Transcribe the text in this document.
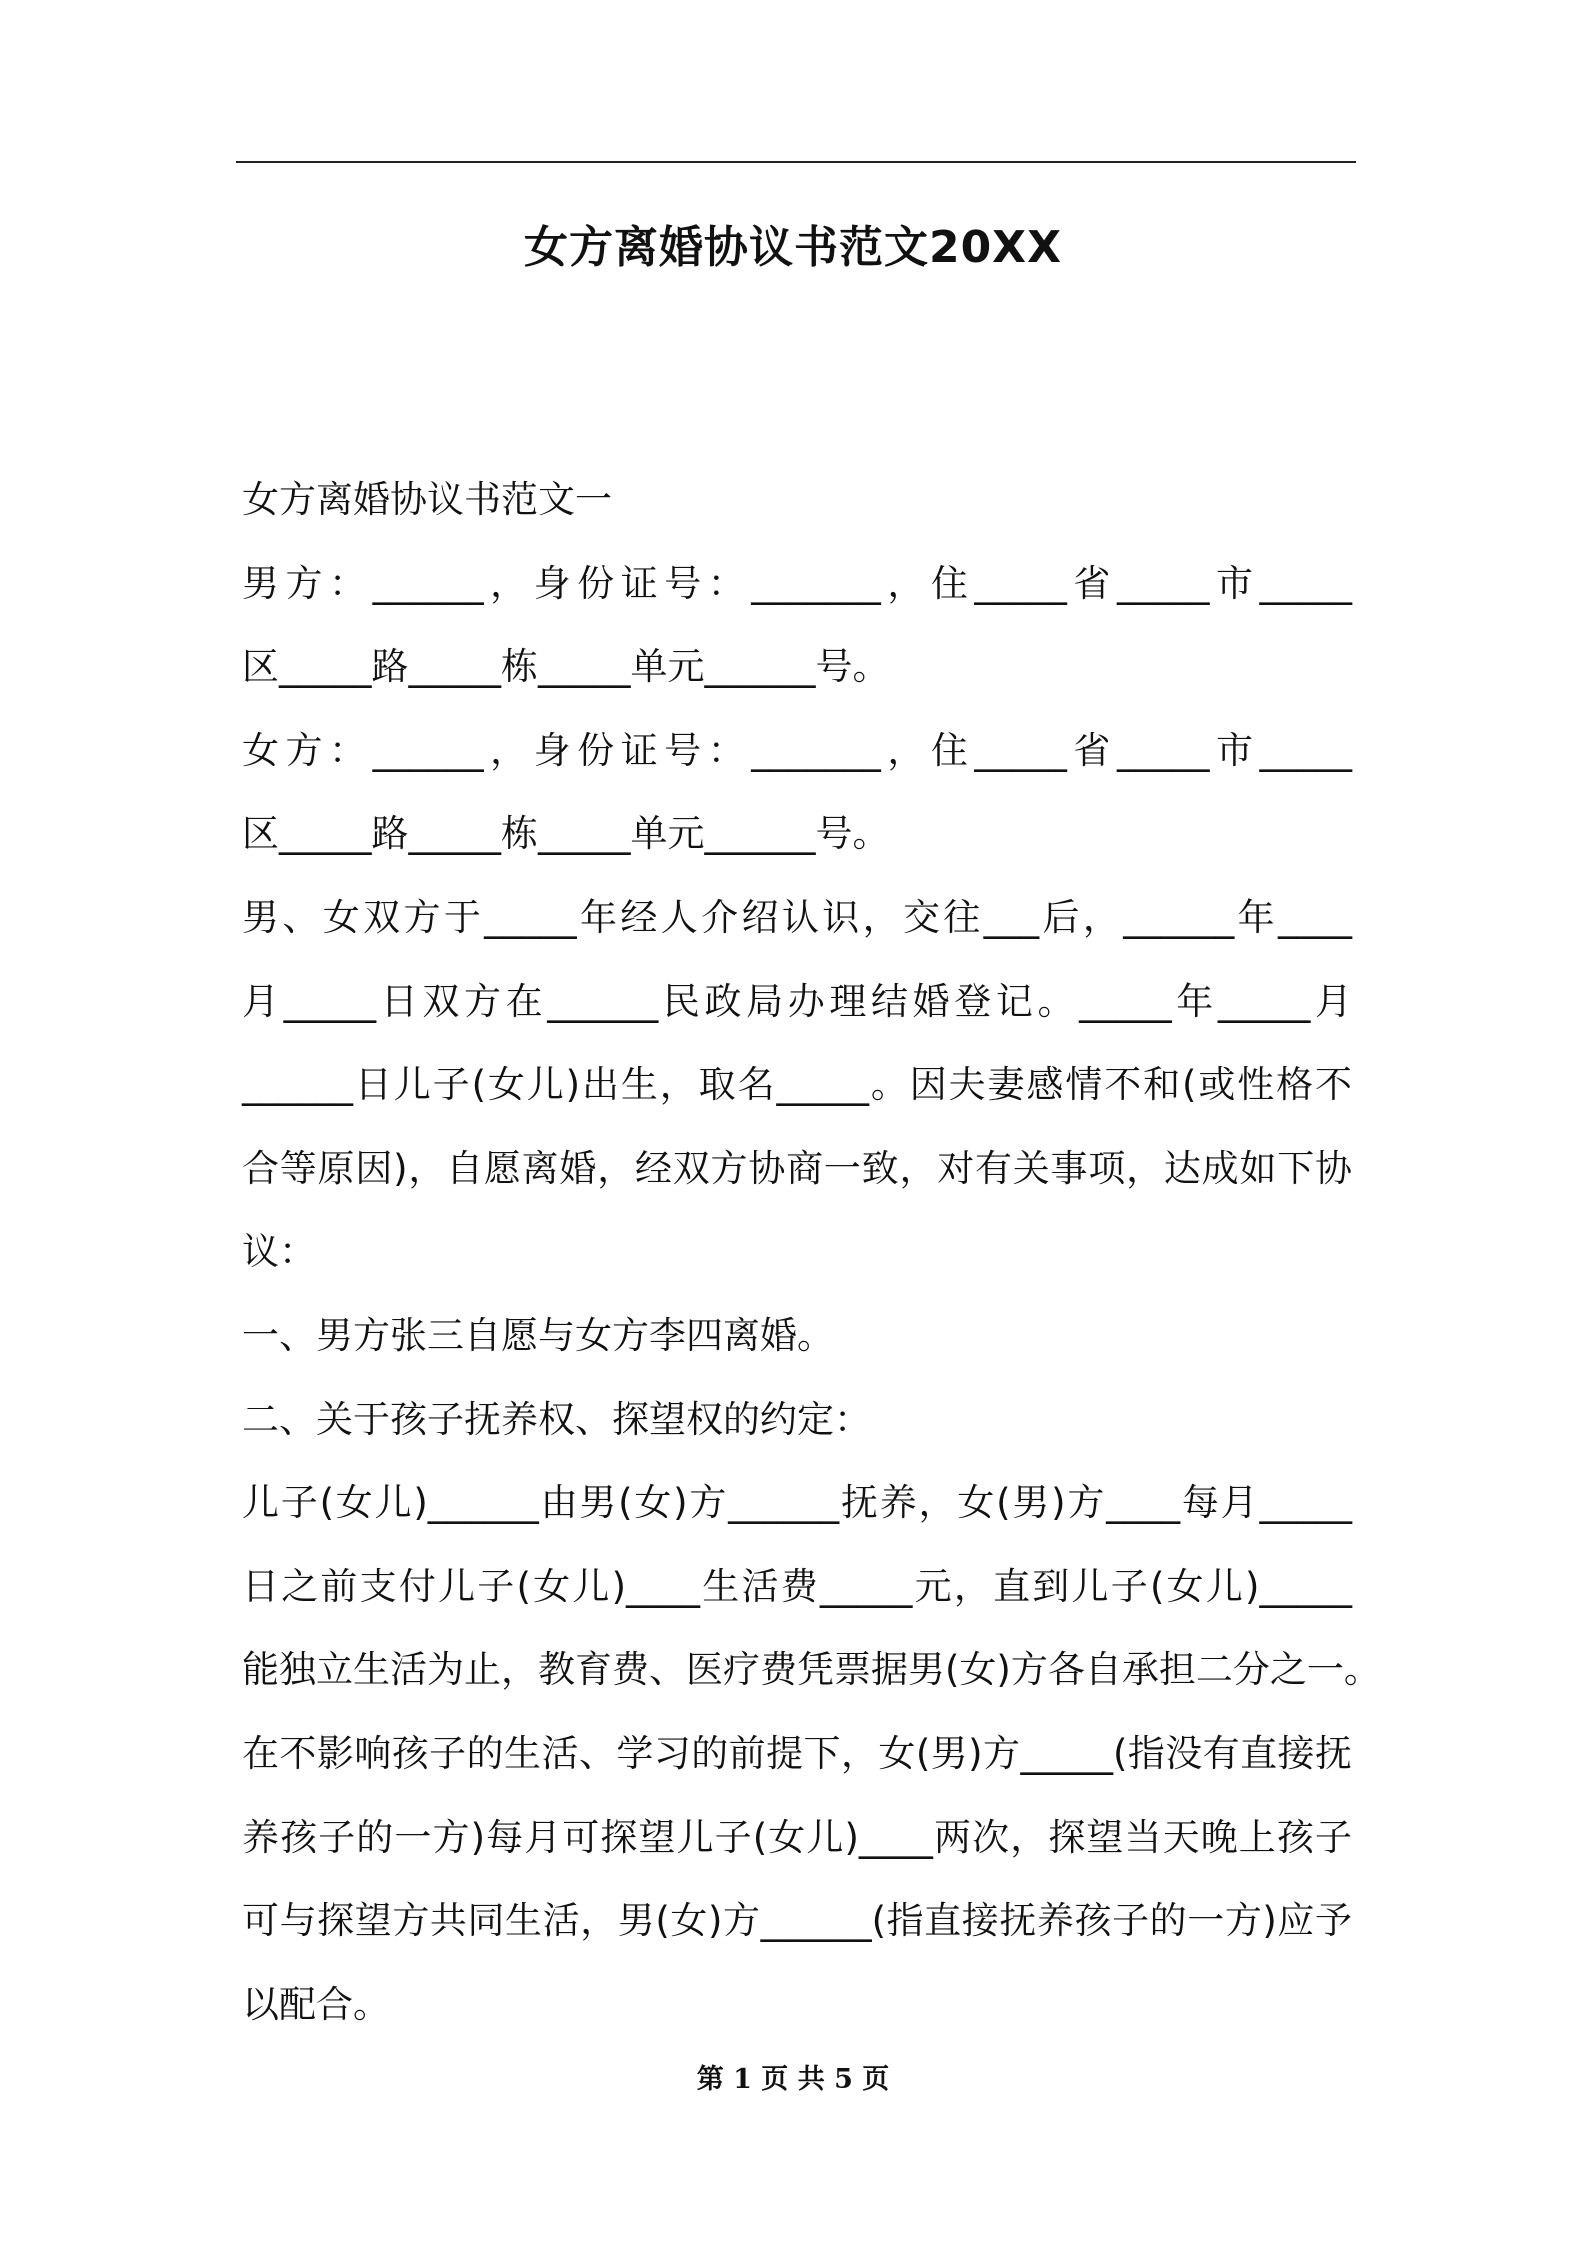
女方离婚协议书范文20XX
女方离婚协议书范文一
男方：______，身份证号：_______，住_____省_____市_____
区_____路_____栋_____单元______号。
女方：______，身份证号：_______，住_____省_____市_____
区_____路_____栋_____单元______号。
男、女双方于_____年经人介绍认识，交往___后，______年____
月_____日双方在______民政局办理结婚登记。_____年_____月
______日儿子(女儿)出生，取名_____。因夫妻感情不和(或性格不
合等原因)，自愿离婚，经双方协商一致，对有关事项，达成如下协
议：
一、男方张三自愿与女方李四离婚。
二、关于孩子抚养权、探望权的约定：
儿子(女儿)______由男(女)方______抚养，女(男)方____每月_____
日之前支付儿子(女儿)____生活费_____元，直到儿子(女儿)_____
能独立生活为止，教育费、医疗费凭票据男(女)方各自承担二分之一。
在不影响孩子的生活、学习的前提下，女(男)方_____(指没有直接抚
养孩子的一方)每月可探望儿子(女儿)____两次，探望当天晚上孩子
可与探望方共同生活，男(女)方______(指直接抚养孩子的一方)应予
以配合。
第 1 页 共 5 页
